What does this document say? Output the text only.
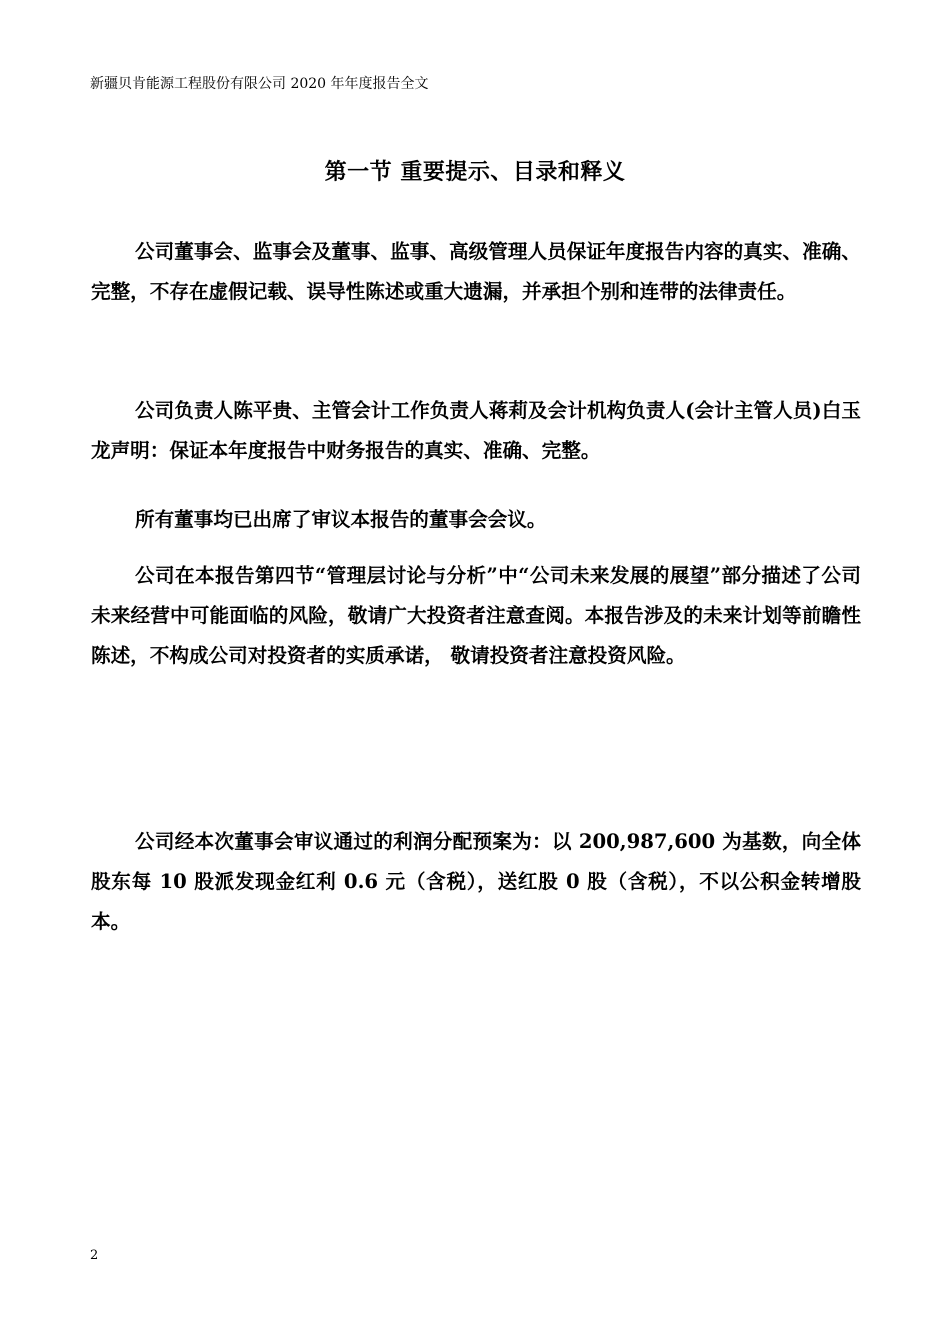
新疆贝肯能源工程股份有限公司 2020 年年度报告全文
第一节 重要提示、目录和释义

公司董事会、监事会及董事、监事、高级管理人员保证年度报告内容的真实、准确、完整，不存在虚假记载、误导性陈述或重大遗漏，并承担个别和连带的法律责任。

公司负责人陈平贵、主管会计工作负责人蒋莉及会计机构负责人(会计主管人员)白玉龙声明：保证本年度报告中财务报告的真实、准确、完整。

所有董事均已出席了审议本报告的董事会会议。

公司在本报告第四节“管理层讨论与分析”中“公司未来发展的展望”部分描述了公司未来经营中可能面临的风险，敬请广大投资者注意查阅。本报告涉及的未来计划等前瞻性陈述，不构成公司对投资者的实质承诺， 敬请投资者注意投资风险。

公司经本次董事会审议通过的利润分配预案为：以 200,987,600 为基数，向全体股东每 10 股派发现金红利 0.6 元（含税），送红股 0 股（含税），不以公积金转增股本。

2
